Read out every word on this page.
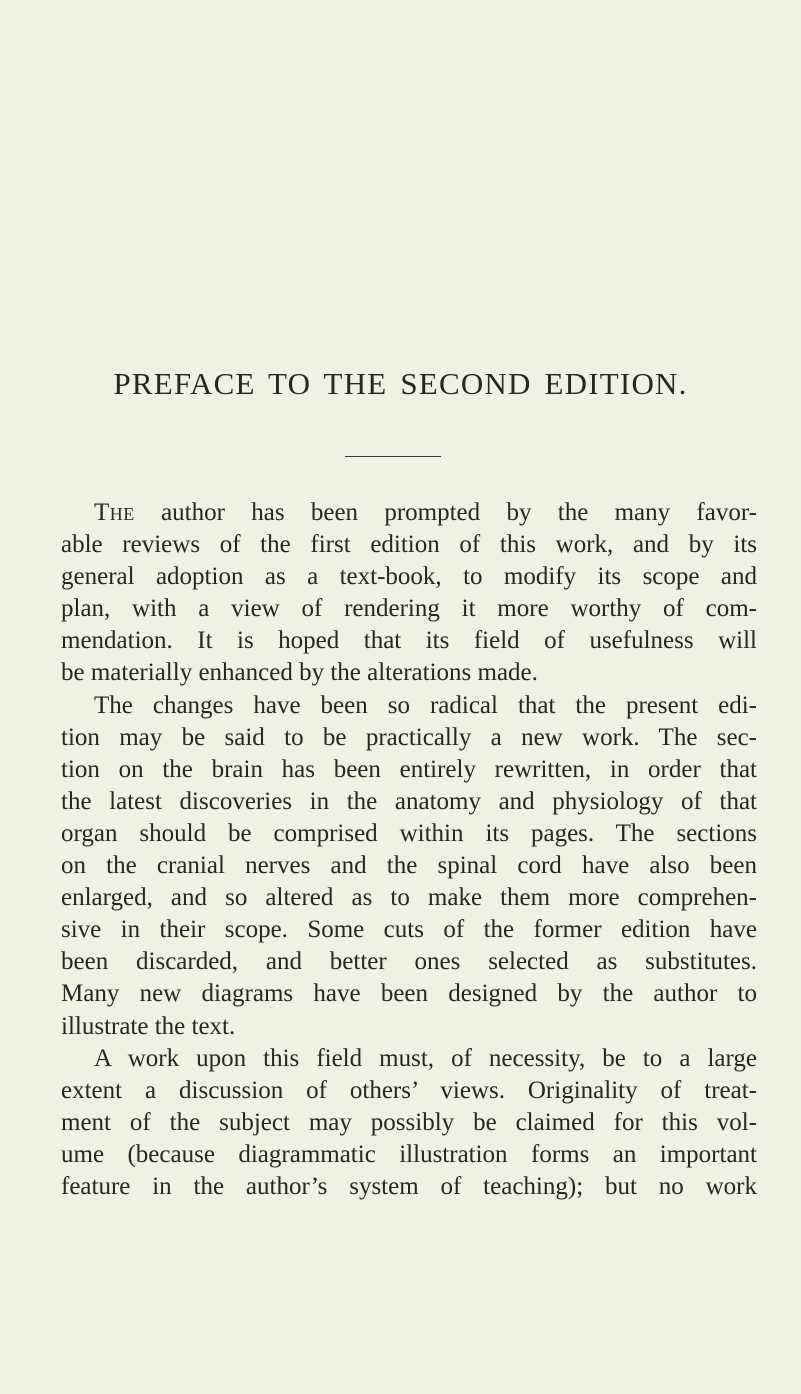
PREFACE TO THE SECOND EDITION.
The author has been prompted by the many favor-
able reviews of the first edition of this work, and by its
general adoption as a text-book, to modify its scope and
plan, with a view of rendering it more worthy of com-
mendation. It is hoped that its field of usefulness will
be materially enhanced by the alterations made.
The changes have been so radical that the present edi-
tion may be said to be practically a new work. The sec-
tion on the brain has been entirely rewritten, in order that
the latest discoveries in the anatomy and physiology of that
organ should be comprised within its pages. The sections
on the cranial nerves and the spinal cord have also been
enlarged, and so altered as to make them more comprehen-
sive in their scope. Some cuts of the former edition have
been discarded, and better ones selected as substitutes.
Many new diagrams have been designed by the author to
illustrate the text.
A work upon this field must, of necessity, be to a large
extent a discussion of others’ views. Originality of treat-
ment of the subject may possibly be claimed for this vol-
ume (because diagrammatic illustration forms an important
feature in the author’s system of teaching); but no work
